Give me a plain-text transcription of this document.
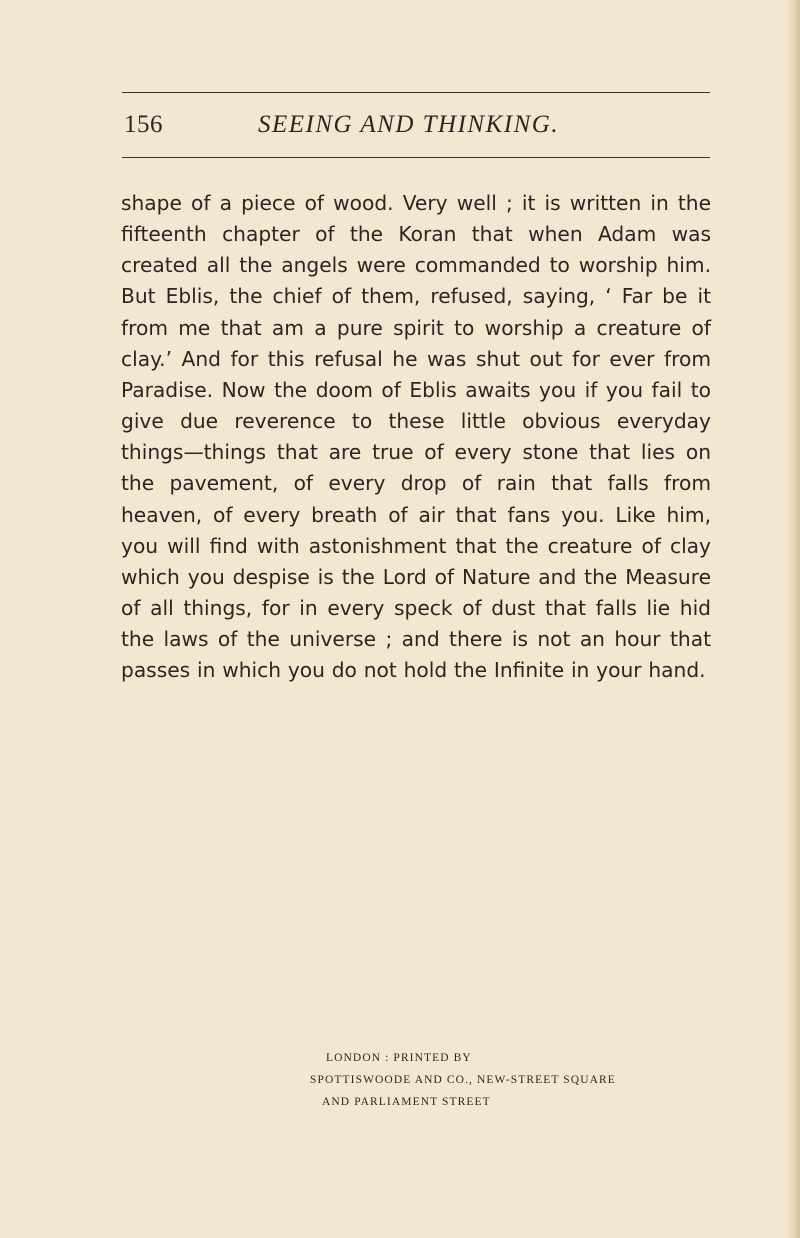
156	SEEING AND THINKING.

shape of a piece of wood. Very well ; it is written in the fifteenth chapter of the Koran that when Adam was created all the angels were commanded to worship him. But Eblis, the chief of them, refused, saying, ‘ Far be it from me that am a pure spirit to worship a creature of clay.’ And for this refusal he was shut out for ever from Paradise. Now the doom of Eblis awaits you if you fail to give due reverence to these little obvious everyday things—things that are true of every stone that lies on the pavement, of every drop of rain that falls from heaven, of every breath of air that fans you. Like him, you will find with astonishment that the creature of clay which you despise is the Lord of Nature and the Measure of all things, for in every speck of dust that falls lie hid the laws of the universe ; and there is not an hour that passes in which you do not hold the Infinite in your hand.

LONDON : PRINTED BY
SPOTTISWOODE AND CO., NEW-STREET SQUARE
AND PARLIAMENT STREET
